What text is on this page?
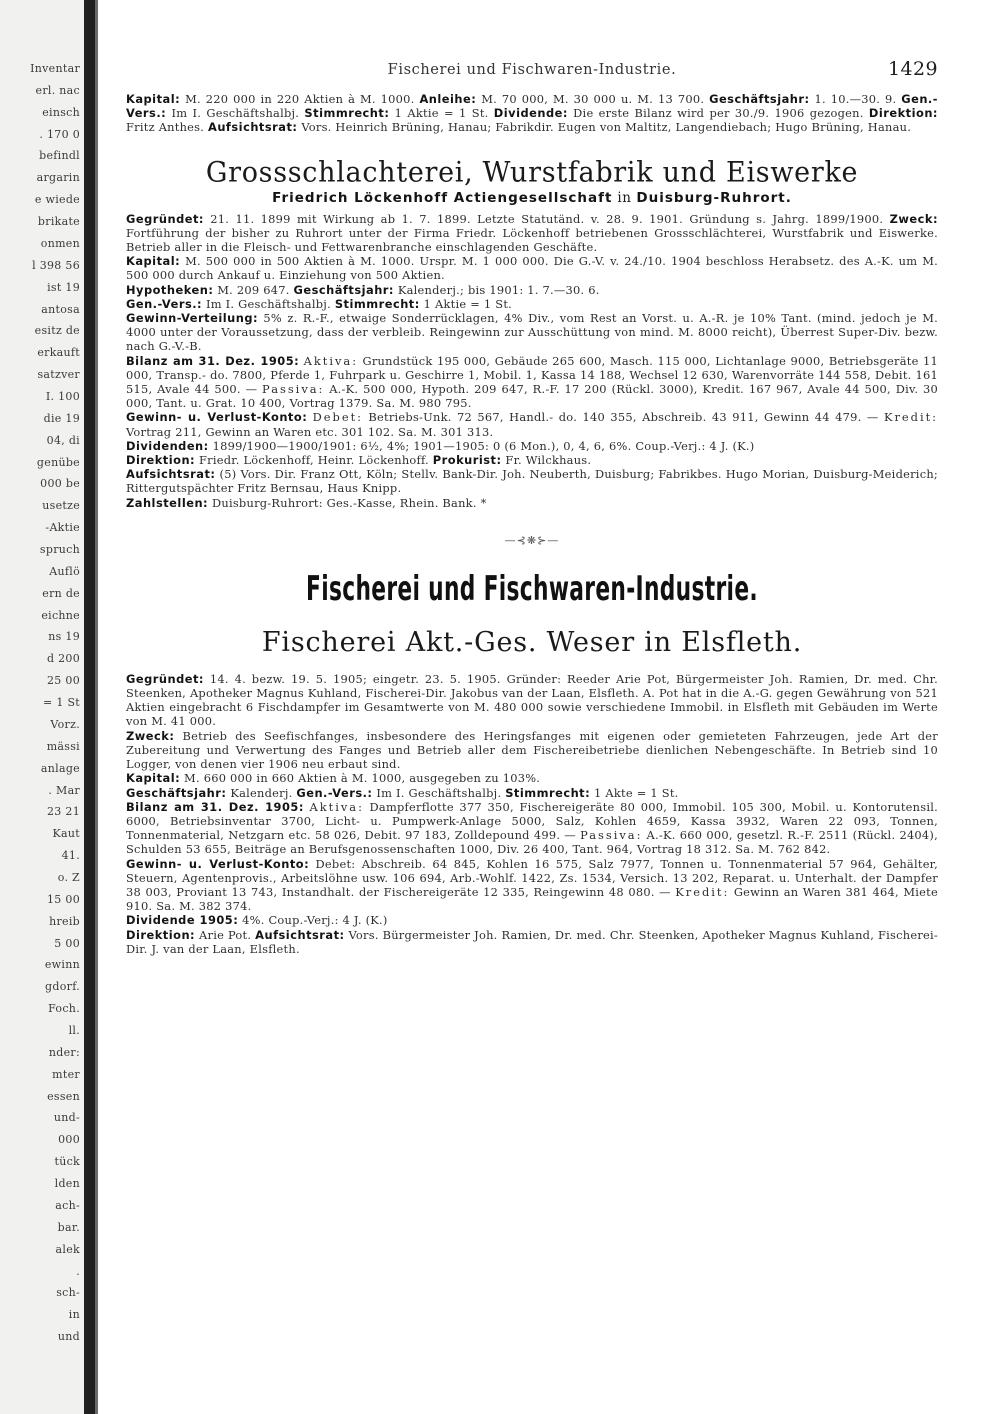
Inventar
erl. nac
einsch
. 170 0
befindl
argarin
e wiede
brikate
onmen
l 398 56
ist 19
antosa
esitz de
erkauft
satzver
I. 100
die 19
04, di
genübe
000 be
usetze
-Aktie
spruch
Auflö
ern de
eichne
ns 19
d 200
25 00
= 1 St
Vorz.
mässi
anlage
. Mar
23 21
Kaut
41.
o. Z
15 00
hreib
5 00
ewinn
gdorf.
Foch.
ll.
nder:
mter
essen
und-
000
tück
lden
ach-
bar.
alek
.
sch-
in
und
Fischerei und Fischwaren-Industrie.	1429

Kapital: M. 220 000 in 220 Aktien à M. 1000. Anleihe: M. 70 000, M. 30 000 u. M. 13 700. Geschäftsjahr: 1. 10.—30. 9. Gen.-Vers.: Im I. Geschäftshalbj. Stimmrecht: 1 Aktie = 1 St. Dividende: Die erste Bilanz wird per 30./9. 1906 gezogen. Direktion: Fritz Anthes. Aufsichtsrat: Vors. Heinrich Brüning, Hanau; Fabrikdir. Eugen von Maltitz, Langendiebach; Hugo Brüning, Hanau.

Grossschlachterei, Wurstfabrik und Eiswerke
Friedrich Löckenhoff Actiengesellschaft in Duisburg-Ruhrort.

Gegründet: 21. 11. 1899 mit Wirkung ab 1. 7. 1899. Letzte Statutänd. v. 28. 9. 1901. Gründung s. Jahrg. 1899/1900. Zweck: Fortführung der bisher zu Ruhrort unter der Firma Friedr. Löckenhoff betriebenen Grossschlächterei, Wurstfabrik und Eiswerke. Betrieb aller in die Fleisch- und Fettwarenbranche einschlagenden Geschäfte.

Kapital: M. 500 000 in 500 Aktien à M. 1000. Urspr. M. 1 000 000. Die G.-V. v. 24./10. 1904 beschloss Herabsetz. des A.-K. um M. 500 000 durch Ankauf u. Einziehung von 500 Aktien.

Hypotheken: M. 209 647. Geschäftsjahr: Kalenderj.; bis 1901: 1. 7.—30. 6.

Gen.-Vers.: Im I. Geschäftshalbj. Stimmrecht: 1 Aktie = 1 St.

Gewinn-Verteilung: 5% z. R.-F., etwaige Sonderrücklagen, 4% Div., vom Rest an Vorst. u. A.-R. je 10% Tant. (mind. jedoch je M. 4000 unter der Voraussetzung, dass der verbleib. Reingewinn zur Ausschüttung von mind. M. 8000 reicht), Überrest Super-Div. bezw. nach G.-V.-B.

Bilanz am 31. Dez. 1905: Aktiva: Grundstück 195 000, Gebäude 265 600, Masch. 115 000, Lichtanlage 9000, Betriebsgeräte 11 000, Transp.- do. 7800, Pferde 1, Fuhrpark u. Geschirre 1, Mobil. 1, Kassa 14 188, Wechsel 12 630, Warenvorräte 144 558, Debit. 161 515, Avale 44 500. — Passiva: A.-K. 500 000, Hypoth. 209 647, R.-F. 17 200 (Rückl. 3000), Kredit. 167 967, Avale 44 500, Div. 30 000, Tant. u. Grat. 10 400, Vortrag 1379. Sa. M. 980 795.

Gewinn- u. Verlust-Konto: Debet: Betriebs-Unk. 72 567, Handl.- do. 140 355, Abschreib. 43 911, Gewinn 44 479. — Kredit: Vortrag 211, Gewinn an Waren etc. 301 102. Sa. M. 301 313.

Dividenden: 1899/1900—1900/1901: 6½, 4%; 1901—1905: 0 (6 Mon.), 0, 4, 6, 6%. Coup.-Verj.: 4 J. (K.)

Direktion: Friedr. Löckenhoff, Heinr. Löckenhoff. Prokurist: Fr. Wilckhaus.

Aufsichtsrat: (5) Vors. Dir. Franz Ott, Köln; Stellv. Bank-Dir. Joh. Neuberth, Duisburg; Fabrikbes. Hugo Morian, Duisburg-Meiderich; Rittergutspächter Fritz Bernsau, Haus Knipp.

Zahlstellen: Duisburg-Ruhrort: Ges.-Kasse, Rhein. Bank. *

—⊰❋⊱—
Fischerei und Fischwaren-Industrie.
Fischerei Akt.-Ges. Weser in Elsfleth.

Gegründet: 14. 4. bezw. 19. 5. 1905; eingetr. 23. 5. 1905. Gründer: Reeder Arie Pot, Bürgermeister Joh. Ramien, Dr. med. Chr. Steenken, Apotheker Magnus Kuhland, Fischerei-Dir. Jakobus van der Laan, Elsfleth. A. Pot hat in die A.-G. gegen Gewährung von 521 Aktien eingebracht 6 Fischdampfer im Gesamtwerte von M. 480 000 sowie verschiedene Immobil. in Elsfleth mit Gebäuden im Werte von M. 41 000.

Zweck: Betrieb des Seefischfanges, insbesondere des Heringsfanges mit eigenen oder gemieteten Fahrzeugen, jede Art der Zubereitung und Verwertung des Fanges und Betrieb aller dem Fischereibetriebe dienlichen Nebengeschäfte. In Betrieb sind 10 Logger, von denen vier 1906 neu erbaut sind.

Kapital: M. 660 000 in 660 Aktien à M. 1000, ausgegeben zu 103%.

Geschäftsjahr: Kalenderj. Gen.-Vers.: Im I. Geschäftshalbj. Stimmrecht: 1 Akte = 1 St.

Bilanz am 31. Dez. 1905: Aktiva: Dampferflotte 377 350, Fischereigeräte 80 000, Immobil. 105 300, Mobil. u. Kontorutensil. 6000, Betriebsinventar 3700, Licht- u. Pumpwerk-Anlage 5000, Salz, Kohlen 4659, Kassa 3932, Waren 22 093, Tonnen, Tonnenmaterial, Netzgarn etc. 58 026, Debit. 97 183, Zolldepound 499. — Passiva: A.-K. 660 000, gesetzl. R.-F. 2511 (Rückl. 2404), Schulden 53 655, Beiträge an Berufsgenossenschaften 1000, Div. 26 400, Tant. 964, Vortrag 18 312. Sa. M. 762 842.

Gewinn- u. Verlust-Konto: Debet: Abschreib. 64 845, Kohlen 16 575, Salz 7977, Tonnen u. Tonnenmaterial 57 964, Gehälter, Steuern, Agentenprovis., Arbeitslöhne usw. 106 694, Arb.-Wohlf. 1422, Zs. 1534, Versich. 13 202, Reparat. u. Unterhalt. der Dampfer 38 003, Proviant 13 743, Instandhalt. der Fischereigeräte 12 335, Reingewinn 48 080. — Kredit: Gewinn an Waren 381 464, Miete 910. Sa. M. 382 374.

Dividende 1905: 4%. Coup.-Verj.: 4 J. (K.)

Direktion: Arie Pot. Aufsichtsrat: Vors. Bürgermeister Joh. Ramien, Dr. med. Chr. Steenken, Apotheker Magnus Kuhland, Fischerei-Dir. J. van der Laan, Elsfleth.
